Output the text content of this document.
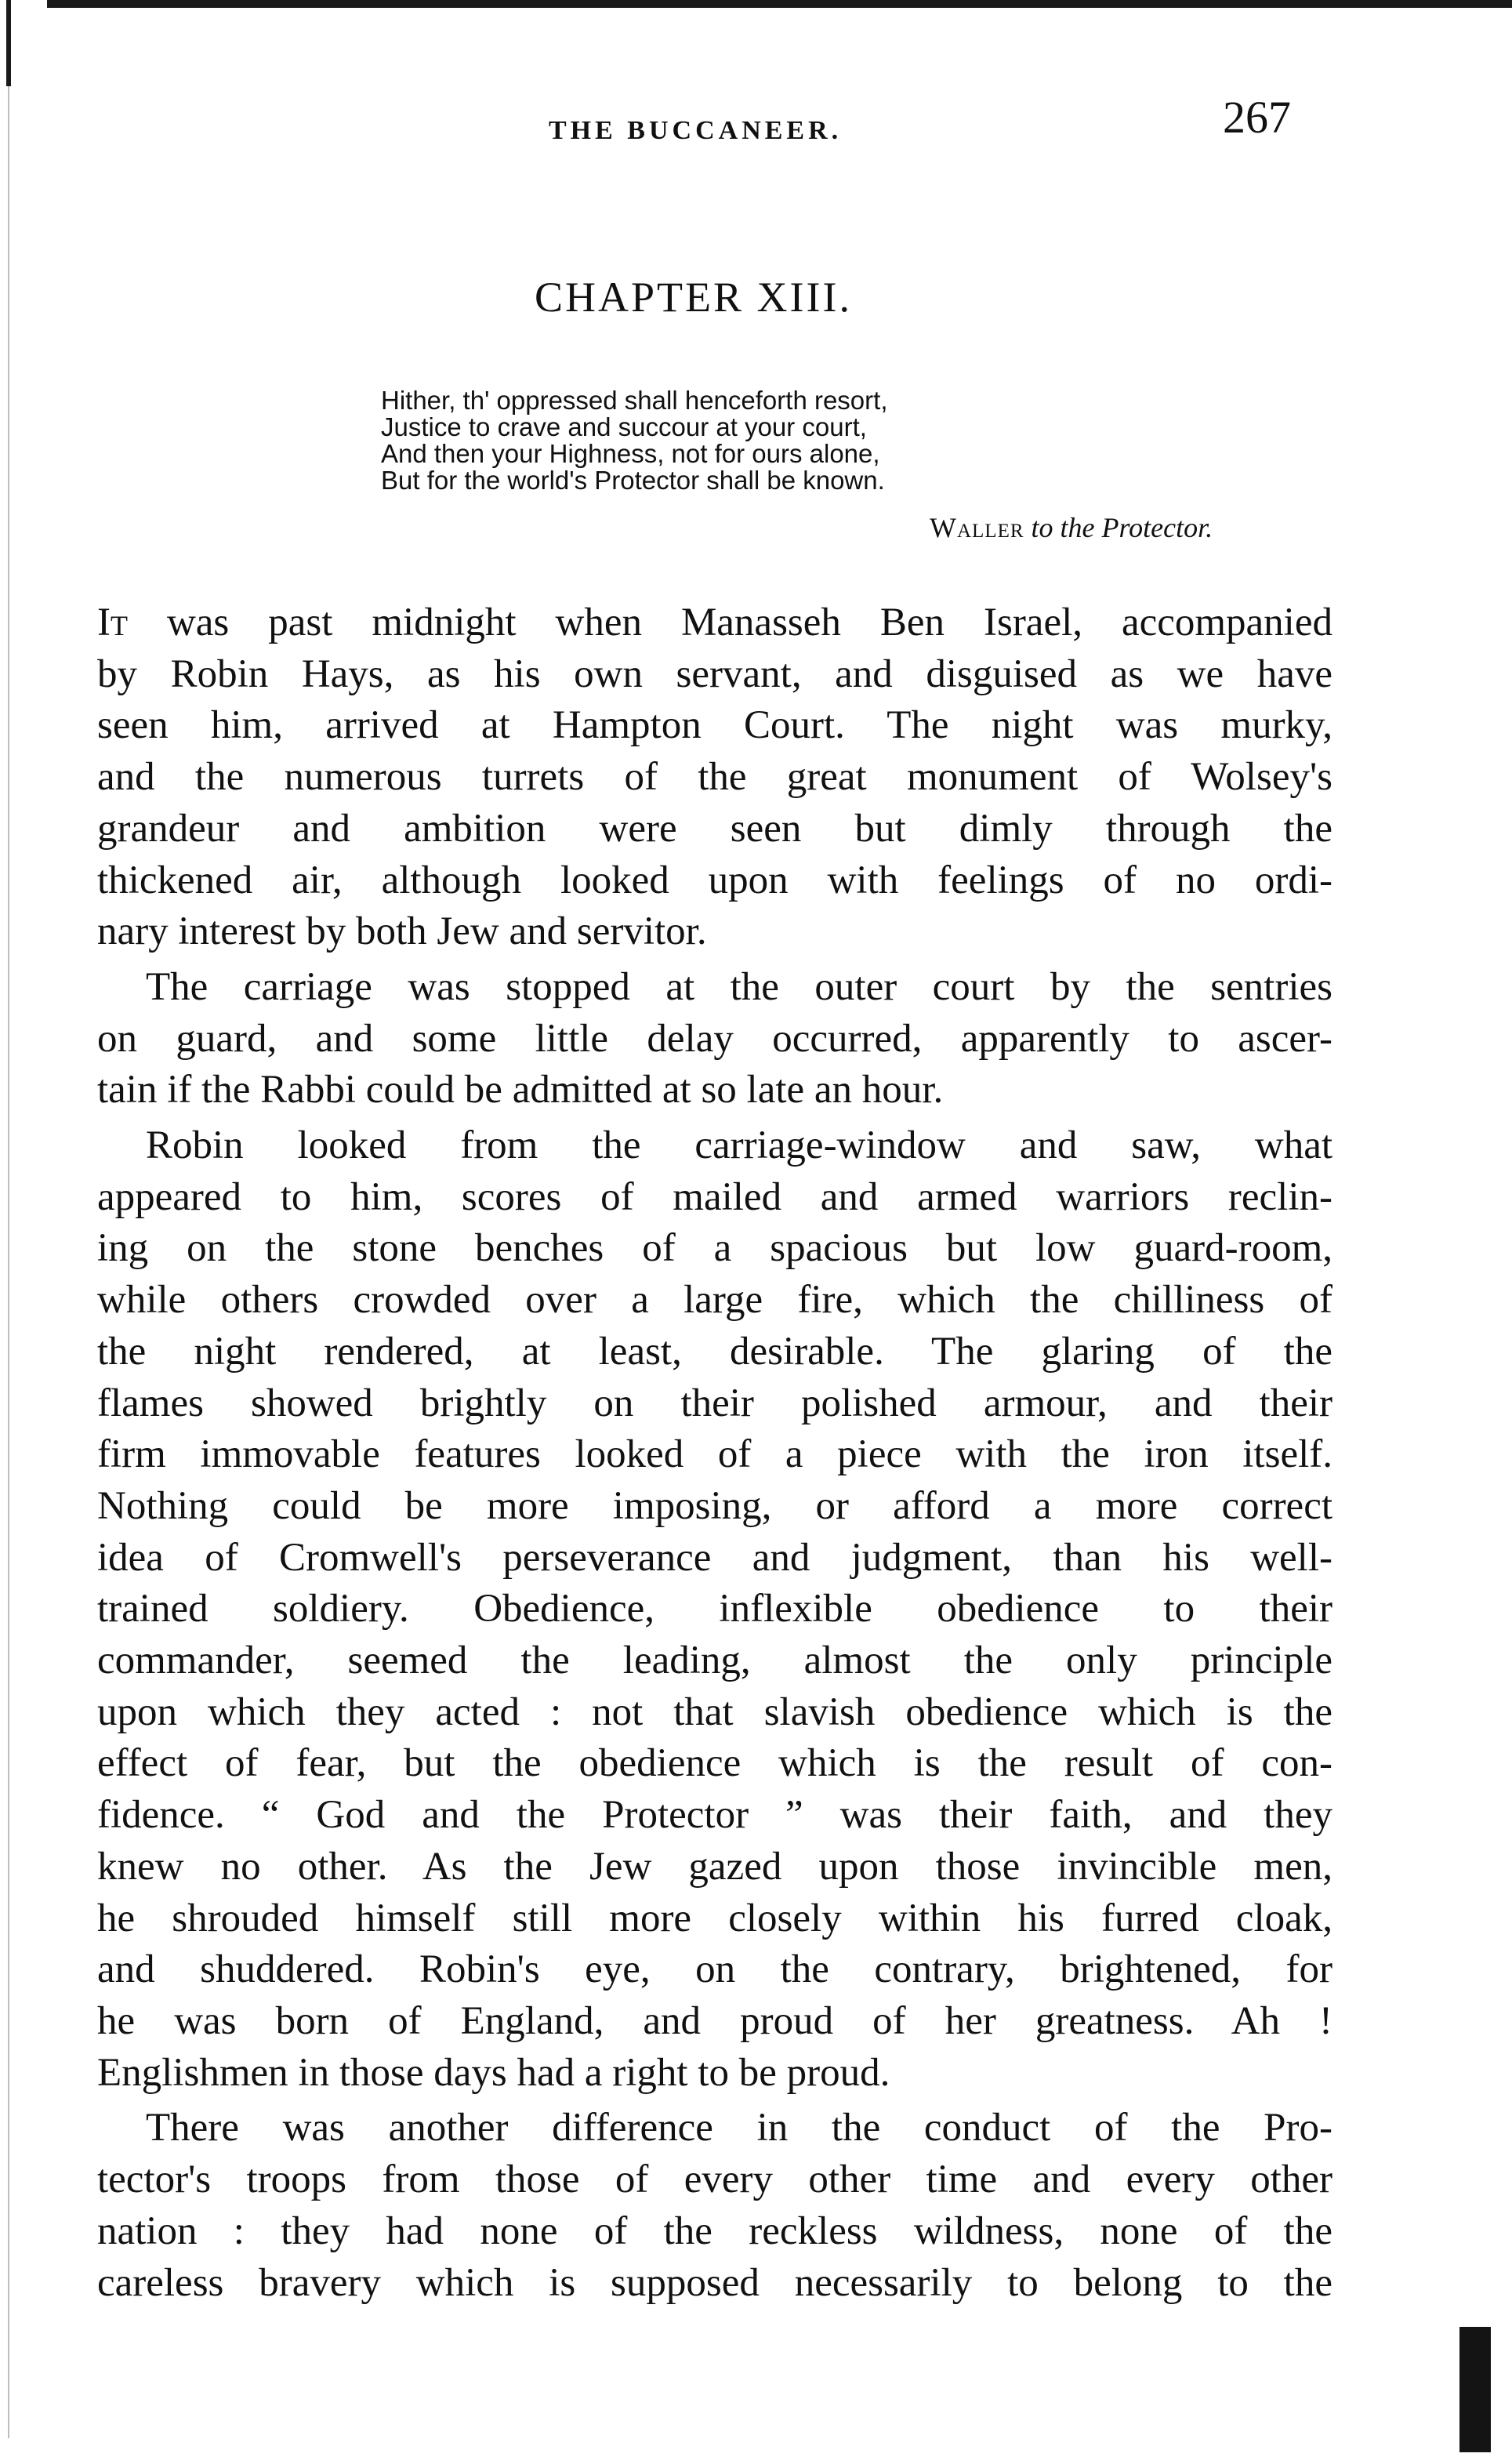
THE BUCCANEER.	267
CHAPTER XIII.
Hither, th' oppressed shall henceforth resort,
Justice to crave and succour at your court,
And then your Highness, not for ours alone,
But for the world's Protector shall be known.
Waller to the Protector.
It was past midnight when Manasseh Ben Israel, accompanied
by Robin Hays, as his own servant, and disguised as we have
seen him, arrived at Hampton Court. The night was murky,
and the numerous turrets of the great monument of Wolsey's
grandeur and ambition were seen but dimly through the
thickened air, although looked upon with feelings of no ordi-
nary interest by both Jew and servitor.
The carriage was stopped at the outer court by the sentries
on guard, and some little delay occurred, apparently to ascer-
tain if the Rabbi could be admitted at so late an hour.
Robin looked from the carriage-window and saw, what
appeared to him, scores of mailed and armed warriors reclin-
ing on the stone benches of a spacious but low guard-room,
while others crowded over a large fire, which the chilliness of
the night rendered, at least, desirable. The glaring of the
flames showed brightly on their polished armour, and their
firm immovable features looked of a piece with the iron itself.
Nothing could be more imposing, or afford a more correct
idea of Cromwell's perseverance and judgment, than his well-
trained soldiery. Obedience, inflexible obedience to their
commander, seemed the leading, almost the only principle
upon which they acted : not that slavish obedience which is the
effect of fear, but the obedience which is the result of con-
fidence. “ God and the Protector ” was their faith, and they
knew no other. As the Jew gazed upon those invincible men,
he shrouded himself still more closely within his furred cloak,
and shuddered. Robin's eye, on the contrary, brightened, for
he was born of England, and proud of her greatness. Ah !
Englishmen in those days had a right to be proud.
There was another difference in the conduct of the Pro-
tector's troops from those of every other time and every other
nation : they had none of the reckless wildness, none of the
careless bravery which is supposed necessarily to belong to the
